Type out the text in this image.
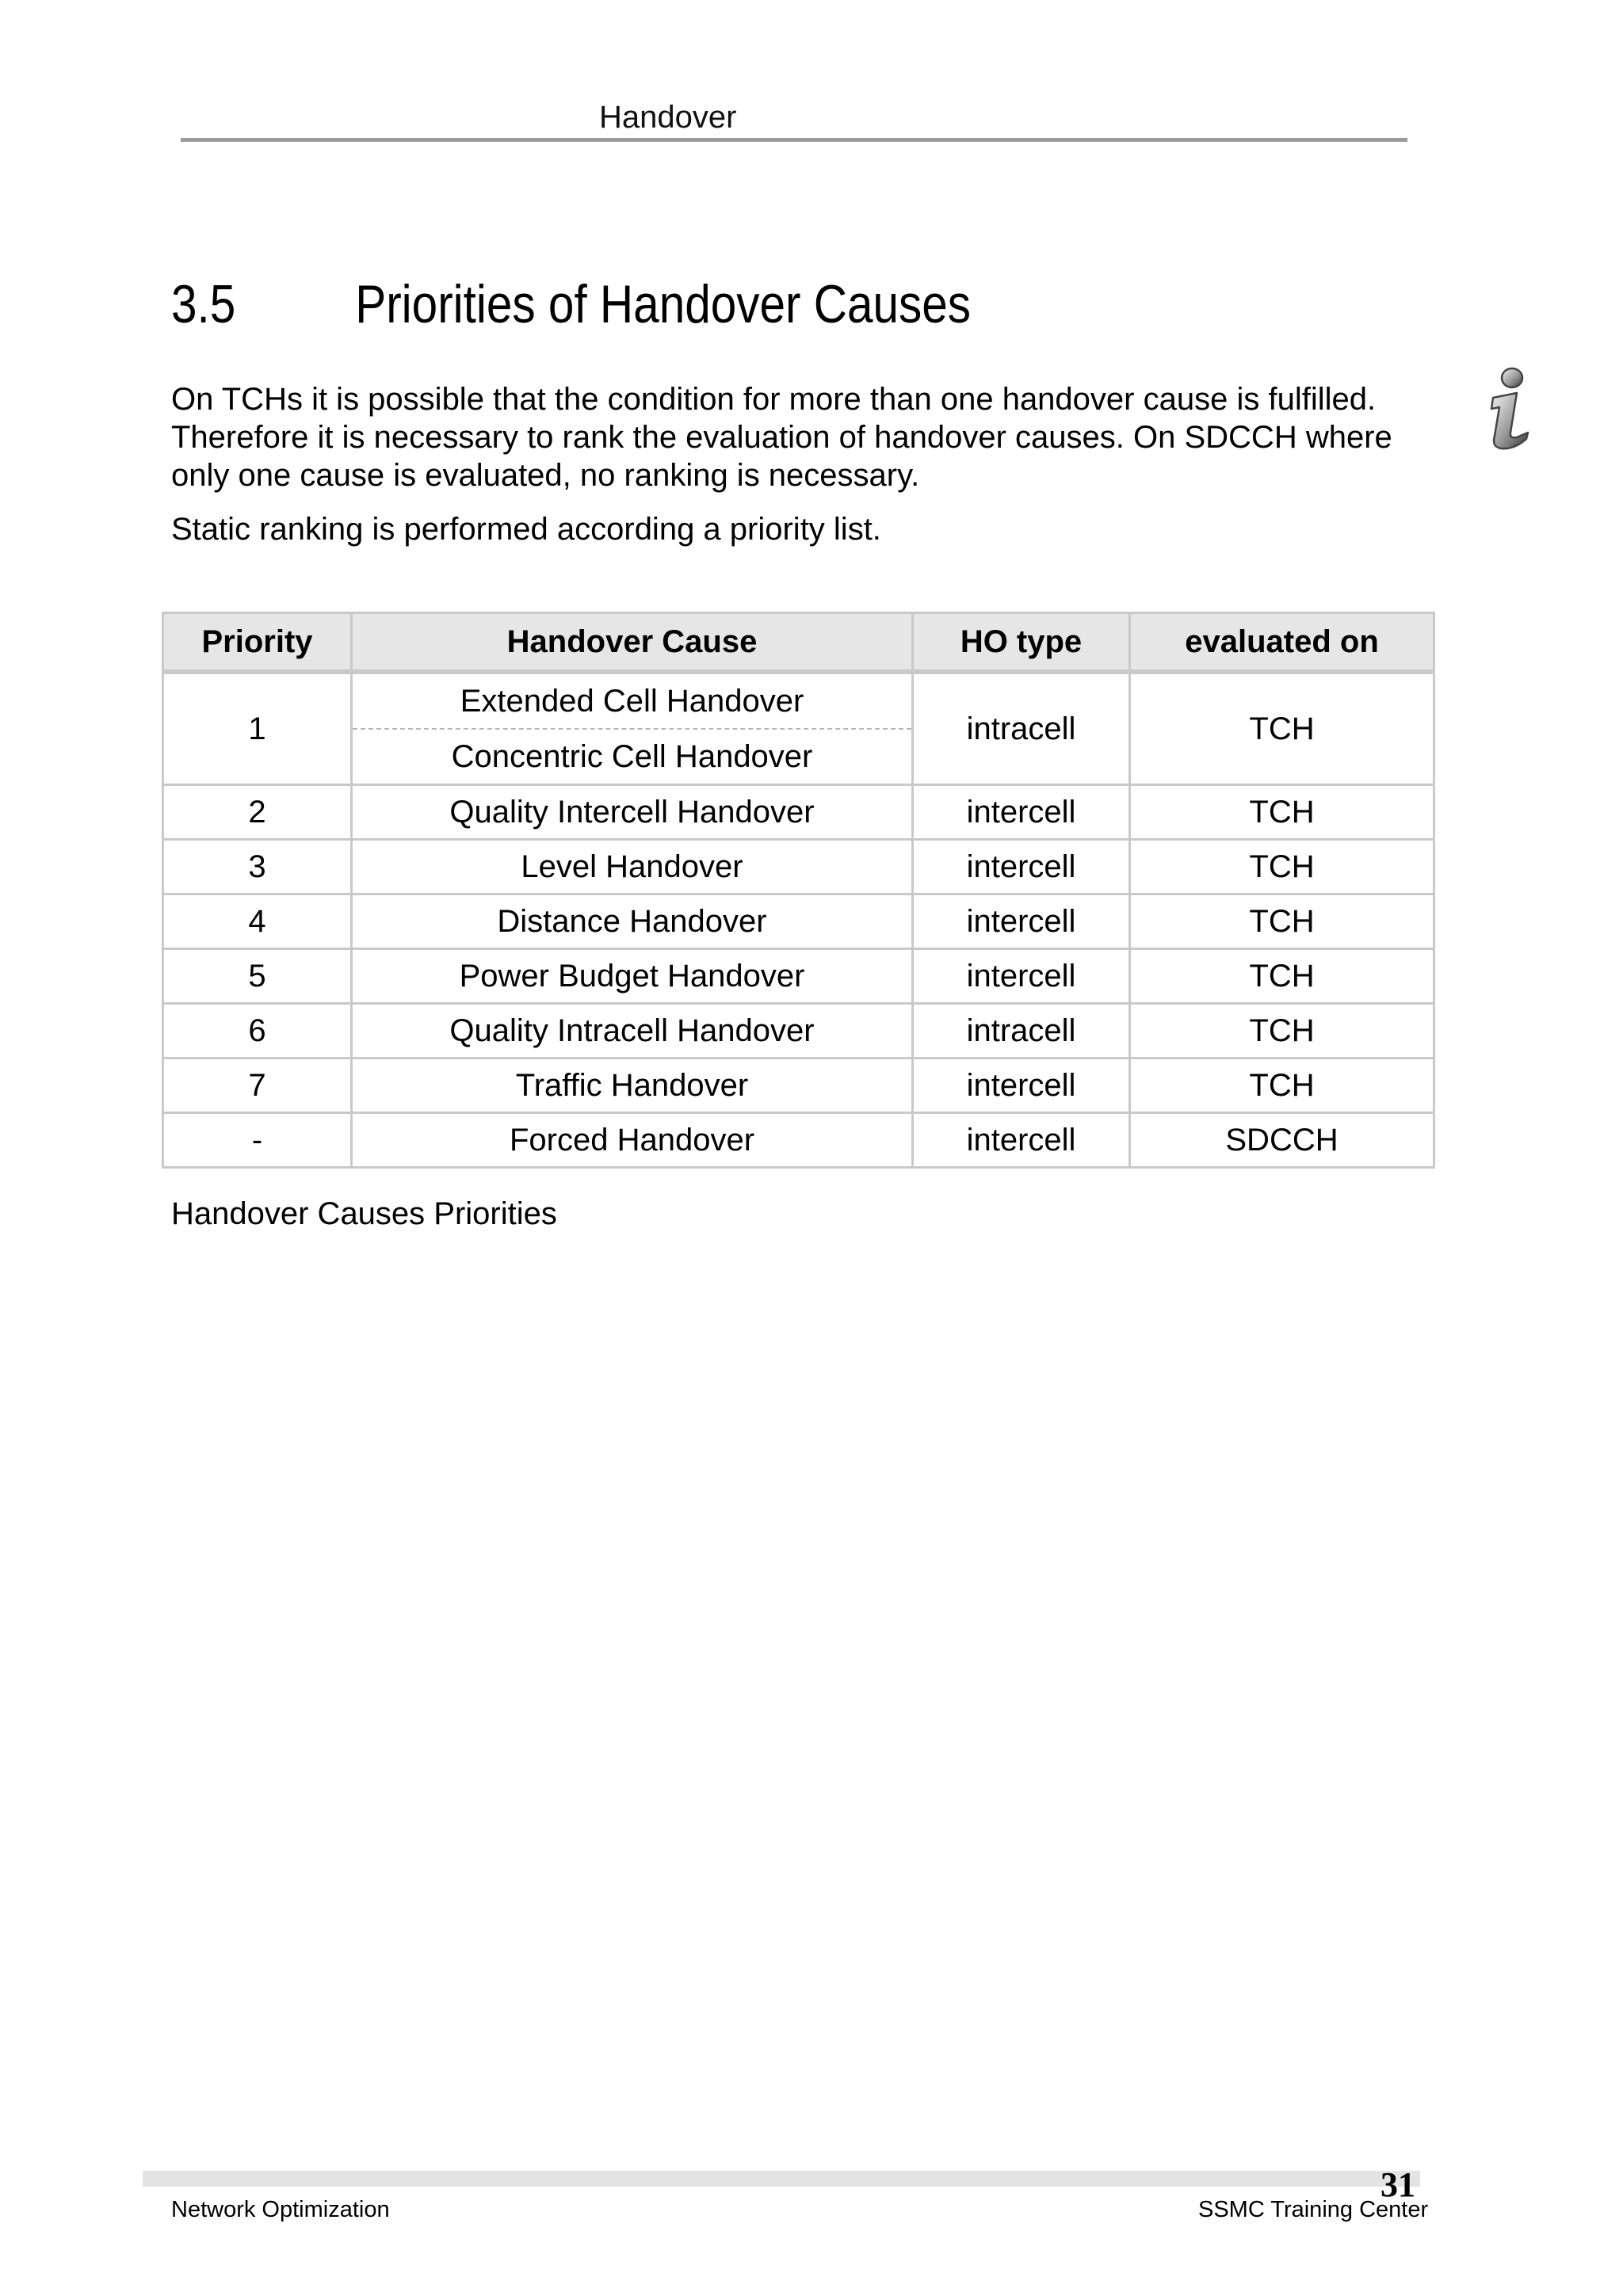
Handover
3.5 Priorities of Handover Causes

On TCHs it is possible that the condition for more than one handover cause is fulfilled. Therefore it is necessary to rank the evaluation of handover causes. On SDCCH where only one cause is evaluated, no ranking is necessary.

Static ranking is performed according a priority list.

Priority	Handover Cause	HO type	evaluated on
1	Extended Cell Handover	intracell	TCH
	Concentric Cell Handover		
2	Quality Intercell Handover	intercell	TCH
3	Level Handover	intercell	TCH
4	Distance Handover	intercell	TCH
5	Power Budget Handover	intercell	TCH
6	Quality Intracell Handover	intracell	TCH
7	Traffic Handover	intercell	TCH
-	Forced Handover	intercell	SDCCH
Handover Causes Priorities
31
Network Optimization	SSMC Training Center
